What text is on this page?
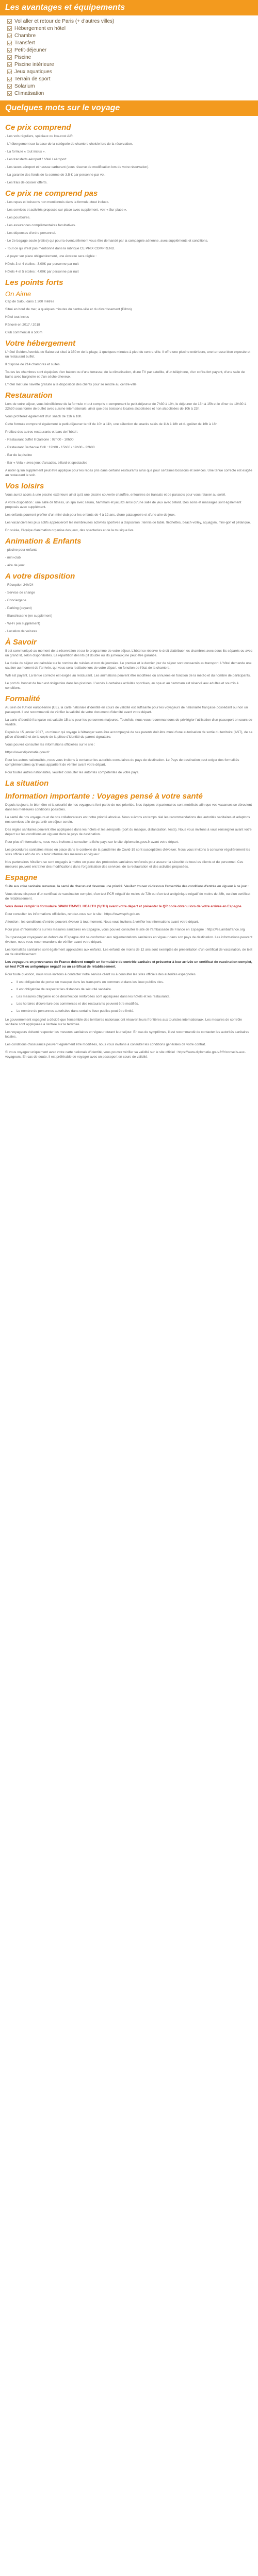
Les avantages et équipements
Vol aller et retour de Paris (+ d'autres villes)
Hébergement en hôtel
Chambre
Transfert
Petit-déjeuner
Piscine
Piscine intérieure
Jeux aquatiques
Terrain de sport
Solarium
Climatisation
Quelques mots sur le voyage
Ce prix comprend

- Les vols réguliers, spéciaux ou low-cost A/R.

- L'hébergement sur la base de la catégorie de chambre choisie lors de la réservation.

- La formule « tout inclus ».

- Les transferts aéroport / hôtel / aéroport.

- Les taxes aéroport et hausse carburant (sous réserve de modification lors de votre réservation).

- La garantie des fonds de la somme de 3,5 € par personne par vol.

- Les frais de dossier offerts.

Ce prix ne comprend pas

- Les repas et boissons non mentionnés dans la formule «tout inclus».

- Les services et activités proposés sur place avec supplément, voir « Sur place ».

- Les pourboires.

- Les assurances complémentaires facultatives.

- Les dépenses d'ordre personnel.

- Le 2e bagage soute (valise) qui pourra éventuellement vous être demandé par la compagnie aérienne, avec suppléments et conditions.

- Tout ce qui n'est pas mentionné dans la rubrique CE PRIX COMPREND.

- A payer sur place obligatoirement, une écotaxe sera réglée :

Hôtels 3 et 4 étoiles : 3,00€ par personne par nuit

Hôtels 4 et 5 étoiles : 4,00€ par personne par nuit

Les points forts
On Aime

Cap de Salou dans 1 200 mètres

Situé en bord de mer, à quelques minutes du centre-ville et du divertissement (Dilmo)

Hôtel tout inclus

Rénové en 2017 / 2018

Club commercial à 500m

Votre hébergement

L'hôtel Golden Avenida de Salou est situé à 350 m de la plage, à quelques minutes à pied du centre-ville. Il offre une piscine extérieure, une terrasse bien exposée et un restaurant buffet.

Il dispose de 214 chambres et suites.

Toutes les chambres sont équipées d'un balcon ou d'une terrasse, de la climatisation, d'une TV par satellite, d'un téléphone, d'un coffre-fort payant, d'une salle de bains avec baignoire et d'un sèche-cheveux.

L'hôtel met une navette gratuite à la disposition des clients pour se rendre au centre-ville.

Restauration

Lors de votre séjour, vous bénéficierez de la formule « tout compris » comprenant le petit-déjeuner de 7h30 à 10h, le déjeuner de 13h à 15h et le dîner de 19h30 à 22h30 sous forme de buffet avec cuisine internationale, ainsi que des boissons locales alcoolisées et non alcoolisées de 10h à 23h.

Vous profiterez également d'un snack de 11h à 18h.

Cette formule comprend également le petit-déjeuner tardif de 10h à 11h, une sélection de snacks salés de 11h à 18h et du goûter de 16h à 18h.

Profitez des autres restaurants et bars de l'hôtel :

- Restaurant buffet Il Galeone : 07h00 - 10h00

- Restaurant Barbecue Grill : 12h00 - 15h00 / 19h00 - 22h00

- Bar de la piscine

- Bar « Vela » avec jeux d'arcades, billard et spectacles

A noter qu'un supplément peut être appliqué pour les repas pris dans certains restaurants ainsi que pour certaines boissons et services. Une tenue correcte est exigée au restaurant le soir.

Vos loisirs

Vous aurez accès à une piscine extérieure ainsi qu'à une piscine couverte chauffée, entourées de transats et de parasols pour vous relaxer au soleil.

A votre disposition : une salle de fitness, un spa avec sauna, hammam et jacuzzi ainsi qu'une salle de jeux avec billard. Des soins et massages sont également proposés avec supplément.

Les enfants pourront profiter d'un mini-club pour les enfants de 4 à 12 ans, d'une pataugeoire et d'une aire de jeux.

Les vacanciers les plus actifs apprécieront les nombreuses activités sportives à disposition : tennis de table, fléchettes, beach-volley, aquagym, mini-golf et pétanque.

En soirée, l'équipe d'animation organise des jeux, des spectacles et de la musique live.

Animation & Enfants

- piscine pour enfants

- mini-club

- aire de jeux

A votre disposition

- Réception 24h/24

- Service de change

- Conciergerie

- Parking (payant)

- Blanchisserie (en supplément)

- Wi-Fi (en supplément)

- Location de voitures

À Savoir

Il est communiqué au moment de la réservation et sur le programme de votre séjour. L'hôtel se réserve le droit d'attribuer les chambres avec deux lits séparés ou avec un grand lit, selon disponibilités. La répartition des lits (lit double ou lits jumeaux) ne peut être garantie.

La durée du séjour est calculée sur le nombre de nuitées et non de journées. Le premier et le dernier jour de séjour sont consacrés au transport. L'hôtel demande une caution au moment de l'arrivée, qui vous sera restituée lors de votre départ, en fonction de l'état de la chambre.

Wifi est payant. La tenue correcte est exigée au restaurant. Les animations peuvent être modifiées ou annulées en fonction de la météo et du nombre de participants.

Le port du bonnet de bain est obligatoire dans les piscines. L'accès à certaines activités sportives, au spa et au hammam est réservé aux adultes et soumis à conditions.

Formalité

Au sein de l'Union européenne (UE), la carte nationale d'identité en cours de validité est suffisante pour les voyageurs de nationalité française possédant ou non un passeport. Il est recommandé de vérifier la validité de votre document d'identité avant votre départ.

La carte d'identité française est valable 15 ans pour les personnes majeures. Toutefois, nous vous recommandons de privilégier l'utilisation d'un passeport en cours de validité.

Depuis le 15 janvier 2017, un mineur qui voyage à l'étranger sans être accompagné de ses parents doit être muni d'une autorisation de sortie du territoire (AST), de sa pièce d'identité et de la copie de la pièce d'identité du parent signataire.

Vous pouvez consulter les informations officielles sur le site :

https://www.diplomatie.gouv.fr

Pour les autres nationalités, nous vous invitons à contacter les autorités consulaires du pays de destination. Le Pays de destination peut exiger des formalités complémentaires qu'il vous appartient de vérifier avant votre départ.

Pour toutes autres nationalités, veuillez consulter les autorités compétentes de votre pays.

La situation
Information importante : Voyages pensé à votre santé

Depuis toujours, le bien-être et la sécurité de nos voyageurs font partie de nos priorités. Nos équipes et partenaires sont mobilisés afin que vos vacances se déroulent dans les meilleures conditions possibles.

La santé de nos voyageurs et de nos collaborateurs est notre priorité absolue. Nous suivons en temps réel les recommandations des autorités sanitaires et adaptons nos services afin de garantir un séjour serein.

Des règles sanitaires peuvent être appliquées dans les hôtels et les aéroports (port du masque, distanciation, tests). Nous vous invitons à vous renseigner avant votre départ sur les conditions en vigueur dans le pays de destination.

Pour plus d'informations, nous vous invitons à consulter la fiche pays sur le site diplomatie.gouv.fr avant votre départ.

Les procédures sanitaires mises en place dans le contexte de la pandémie de Covid-19 sont susceptibles d'évoluer. Nous vous invitons à consulter régulièrement les sites officiels afin de vous tenir informé des mesures en vigueur.

Nos partenaires hôteliers se sont engagés à mettre en place des protocoles sanitaires renforcés pour assurer la sécurité de tous les clients et du personnel. Ces mesures peuvent entraîner des modifications dans l'organisation des services, de la restauration et des activités proposées.

Espagne

Suite aux crise sanitaire survenue, la santé de chacun est devenue une priorité. Veuillez trouver ci-dessous l'ensemble des conditions d'entrée en vigueur à ce jour :

Vous devez disposer d'un certificat de vaccination complet, d'un test PCR négatif de moins de 72h ou d'un test antigénique négatif de moins de 48h, ou d'un certificat de rétablissement.

Vous devez remplir le formulaire SPAIN TRAVEL HEALTH (SpTH) avant votre départ et présenter le QR code obtenu lors de votre arrivée en Espagne.

Pour consulter les informations officielles, rendez-vous sur le site : https://www.spth.gob.es

Attention : les conditions d'entrée peuvent évoluer à tout moment. Nous vous invitons à vérifier les informations avant votre départ.

Pour plus d'informations sur les mesures sanitaires en Espagne, vous pouvez consulter le site de l'ambassade de France en Espagne : https://es.ambafrance.org

Tout passager voyageant en dehors de l'Espagne doit se conformer aux réglementations sanitaires en vigueur dans son pays de destination. Les informations peuvent évoluer, nous vous recommandons de vérifier avant votre départ.

Les formalités sanitaires sont également applicables aux enfants. Les enfants de moins de 12 ans sont exemptés de présentation d'un certificat de vaccination, de test ou de rétablissement.

Les voyageurs en provenance de France doivent remplir un formulaire de contrôle sanitaire et présenter à leur arrivée un certificat de vaccination complet, un test PCR ou antigénique négatif ou un certificat de rétablissement.

Pour toute question, nous vous invitons à contacter notre service client ou à consulter les sites officiels des autorités espagnoles.

• Il est obligatoire de porter un masque dans les transports en commun et dans les lieux publics clos.
• Il est obligatoire de respecter les distances de sécurité sanitaire.
• Les mesures d'hygiène et de désinfection renforcées sont appliquées dans les hôtels et les restaurants.
• Les horaires d'ouverture des commerces et des restaurants peuvent être modifiés.
• Le nombre de personnes autorisées dans certains lieux publics peut être limité.

Le gouvernement espagnol a décidé que l'ensemble des territoires nationaux ont réouvert leurs frontières aux touristes internationaux. Les mesures de contrôle sanitaire sont appliquées à l'entrée sur le territoire.

Les voyageurs doivent respecter les mesures sanitaires en vigueur durant leur séjour. En cas de symptômes, il est recommandé de contacter les autorités sanitaires locales.

Les conditions d'assurance peuvent également être modifiées, nous vous invitons à consulter les conditions générales de votre contrat.

Si vous voyagez uniquement avec votre carte nationale d'identité, vous pouvez vérifier sa validité sur le site officiel : https://www.diplomatie.gouv.fr/fr/conseils-aux-voyageurs. En cas de doute, il est préférable de voyager avec un passeport en cours de validité.
